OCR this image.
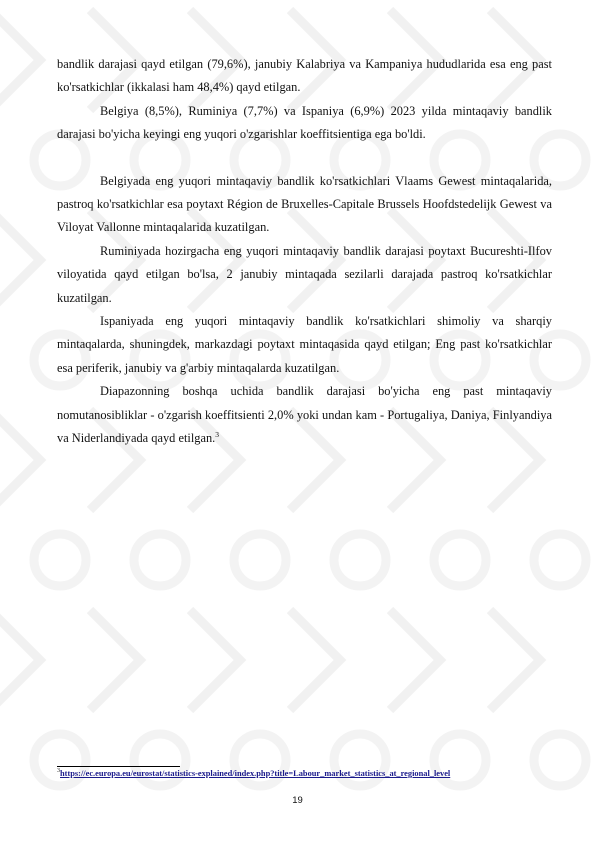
bandlik darajasi qayd etilgan (79,6%), janubiy Kalabriya va Kampaniya hududlarida esa eng past ko'rsatkichlar (ikkalasi ham 48,4%) qayd etilgan.

Belgiya (8,5%), Ruminiya (7,7%) va Ispaniya (6,9%) 2023 yilda mintaqaviy bandlik darajasi bo'yicha keyingi eng yuqori o'zgarishlar koeffitsientiga ega bo'ldi.

Belgiyada eng yuqori mintaqaviy bandlik ko'rsatkichlari Vlaams Gewest mintaqalarida, pastroq ko'rsatkichlar esa poytaxt Région de Bruxelles-Capitale Brussels Hoofdstedelijk Gewest va Viloyat Vallonne mintaqalarida kuzatilgan.

Ruminiyada hozirgacha eng yuqori mintaqaviy bandlik darajasi poytaxt Bucureshti-Ilfov viloyatida qayd etilgan bo'lsa, 2 janubiy mintaqada sezilarli darajada pastroq ko'rsatkichlar kuzatilgan.

Ispaniyada eng yuqori mintaqaviy bandlik ko'rsatkichlari shimoliy va sharqiy mintaqalarda, shuningdek, markazdagi poytaxt mintaqasida qayd etilgan; Eng past ko'rsatkichlar esa periferik, janubiy va g'arbiy mintaqalarda kuzatilgan.

Diapazonning boshqa uchida bandlik darajasi bo'yicha eng past mintaqaviy nomutanosibliklar - o'zgarish koeffitsienti 2,0% yoki undan kam - Portugaliya, Daniya, Finlyandiya va Niderlandiyada qayd etilgan.$^3$

$^3$https://ec.europa.eu/eurostat/statistics-explained/index.php?title=Labour_market_statistics_at_regional_level
19
